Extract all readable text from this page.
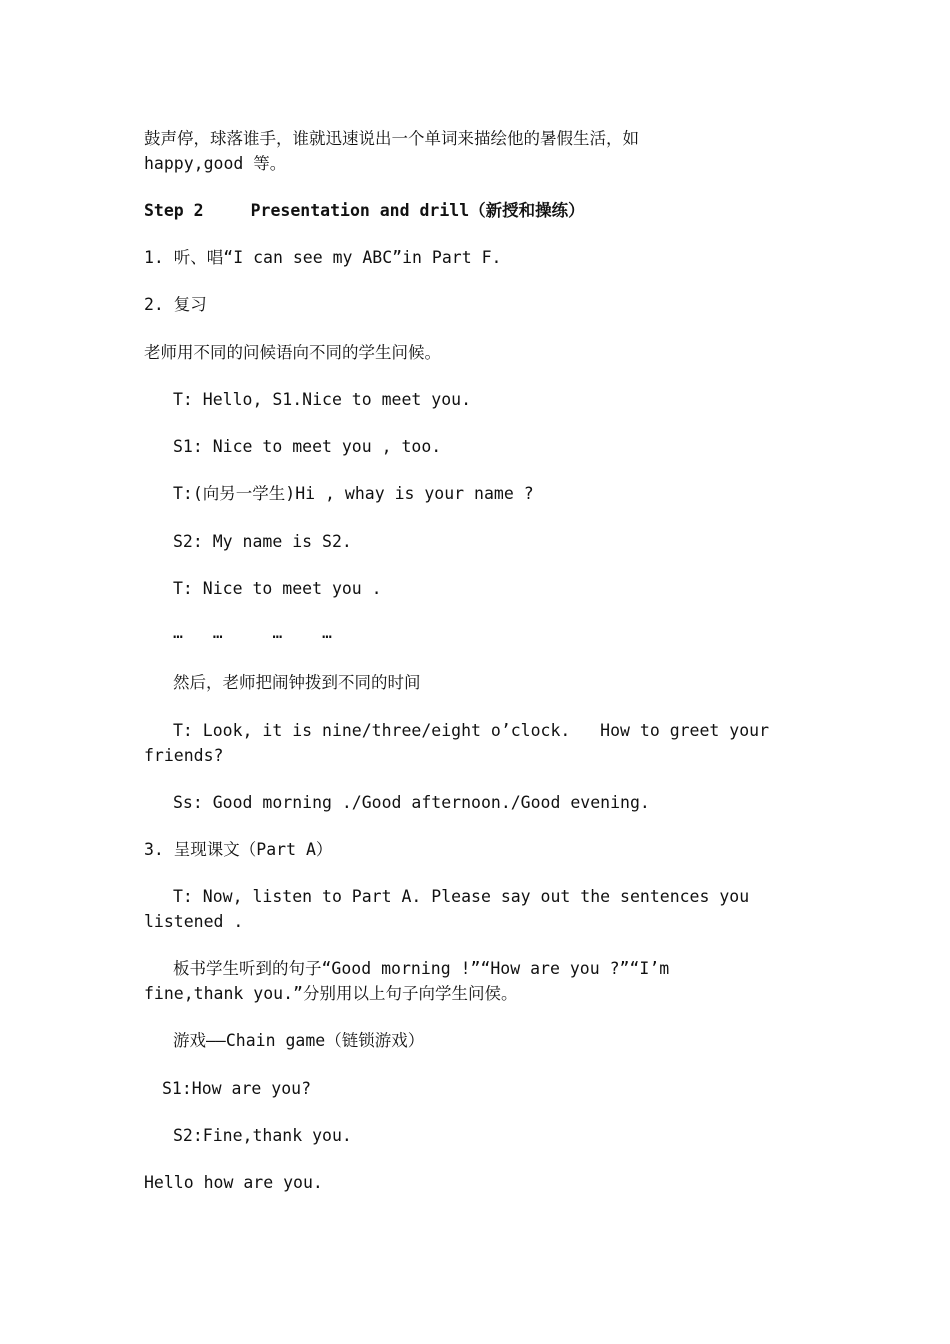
鼓声停，球落谁手，谁就迅速说出一个单词来描绘他的暑假生活，如
happy,good 等。
Step 2	Presentation and drill（新授和操练）
1. 听、唱“I can see my ABC”in Part F.
2. 复习
老师用不同的问候语向不同的学生问候。
T: Hello, S1.Nice to meet you.
S1: Nice to meet you , too.
T:(向另一学生)Hi , whay is your name ?
S2: My name is S2.
T: Nice to meet you .
…   …     …    …
然后，老师把闹钟拨到不同的时间
T: Look, it is nine/three/eight o’clock.   How to greet your
friends?
Ss: Good morning ./Good afternoon./Good evening.
3. 呈现课文（Part A）
T: Now, listen to Part A. Please say out the sentences you
listened .
板书学生听到的句子“Good morning !”“How are you ?”“I’m
fine,thank you.”分别用以上句子向学生问侯。
游戏——Chain game（链锁游戏）
S1:How are you?
S2:Fine,thank you.
Hello how are you.
